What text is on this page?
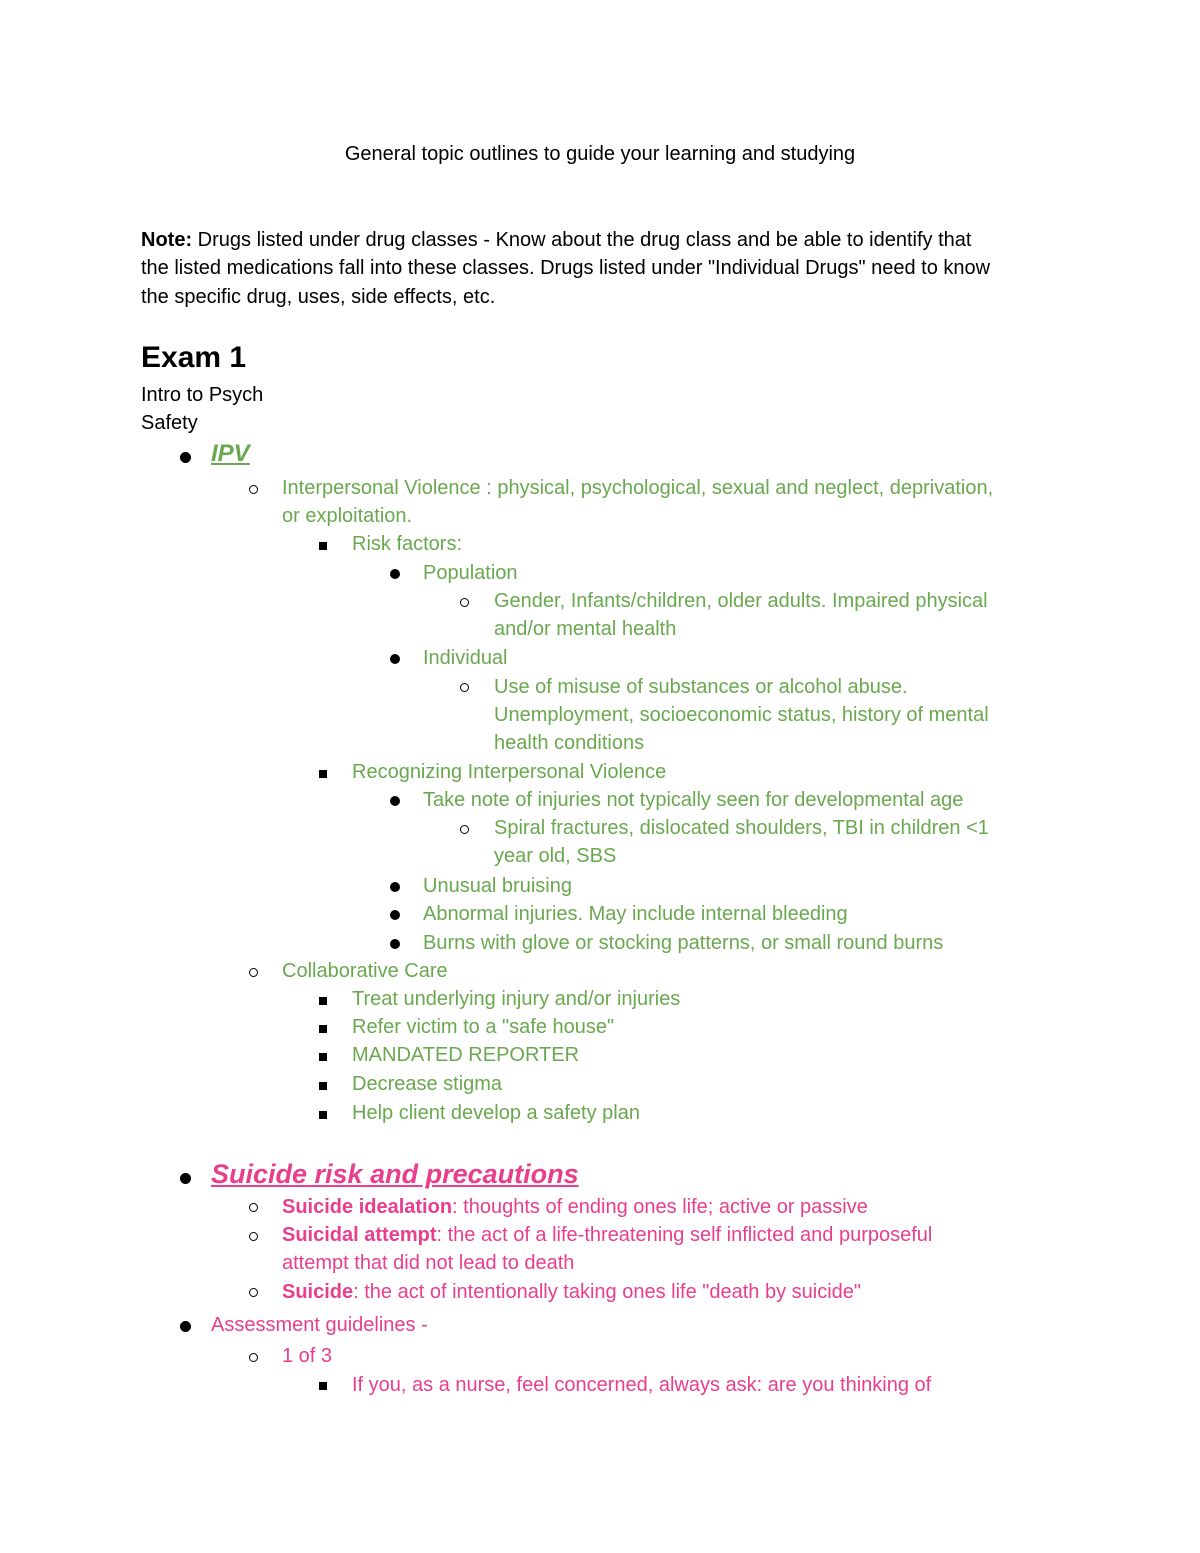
General topic outlines to guide your learning and studying
Note: Drugs listed under drug classes - Know about the drug class and be able to identify that
the listed medications fall into these classes. Drugs listed under "Individual Drugs" need to know
the specific drug, uses, side effects, etc.
Exam 1
Intro to Psych
Safety
IPV
Interpersonal Violence : physical, psychological, sexual and neglect, deprivation,
or exploitation.
Risk factors:
Population
Gender, Infants/children, older adults. Impaired physical
and/or mental health
Individual
Use of misuse of substances or alcohol abuse.
Unemployment, socioeconomic status, history of mental
health conditions
Recognizing Interpersonal Violence
Take note of injuries not typically seen for developmental age
Spiral fractures, dislocated shoulders, TBI in children <1
year old, SBS
Unusual bruising
Abnormal injuries. May include internal bleeding
Burns with glove or stocking patterns, or small round burns
Collaborative Care
Treat underlying injury and/or injuries
Refer victim to a "safe house"
MANDATED REPORTER
Decrease stigma
Help client develop a safety plan
Suicide risk and precautions
Suicide idealation: thoughts of ending ones life; active or passive
Suicidal attempt: the act of a life-threatening self inflicted and purposeful
attempt that did not lead to death
Suicide: the act of intentionally taking ones life "death by suicide"
Assessment guidelines -
1 of 3
If you, as a nurse, feel concerned, always ask: are you thinking of
